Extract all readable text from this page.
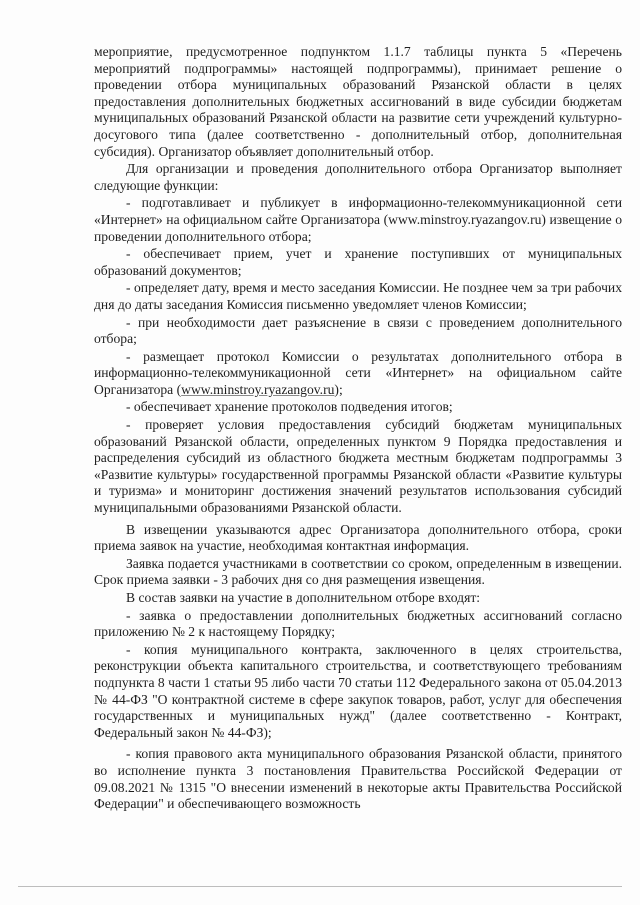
мероприятие, предусмотренное подпунктом 1.1.7 таблицы пункта 5 «Перечень мероприятий подпрограммы» настоящей подпрограммы), принимает решение о проведении отбора муниципальных образований Рязанской области в целях предоставления дополнительных бюджетных ассигнований в виде субсидии бюджетам муниципальных образований Рязанской области на развитие сети учреждений культурно-досугового типа (далее соответственно - дополнительный отбор, дополнительная субсидия). Организатор объявляет дополнительный отбор.

Для организации и проведения дополнительного отбора Организатор выполняет следующие функции:

- подготавливает и публикует в информационно-телекоммуникационной сети «Интернет» на официальном сайте Организатора (www.minstroy.ryazangov.ru) извещение о проведении дополнительного отбора;

- обеспечивает прием, учет и хранение поступивших от муниципальных образований документов;

- определяет дату, время и место заседания Комиссии. Не позднее чем за три рабочих дня до даты заседания Комиссия письменно уведомляет членов Комиссии;

- при необходимости дает разъяснение в связи с проведением дополнительного отбора;

- размещает протокол Комиссии о результатах дополнительного отбора в информационно-телекоммуникационной сети «Интернет» на официальном сайте Организатора (www.minstroy.ryazangov.ru);

- обеспечивает хранение протоколов подведения итогов;

- проверяет условия предоставления субсидий бюджетам муниципальных образований Рязанской области, определенных пунктом 9 Порядка предоставления и распределения субсидий из областного бюджета местным бюджетам подпрограммы 3 «Развитие культуры» государственной программы Рязанской области «Развитие культуры и туризма» и мониторинг достижения значений результатов использования субсидий муниципальными образованиями Рязанской области.

В извещении указываются адрес Организатора дополнительного отбора, сроки приема заявок на участие, необходимая контактная информация.

Заявка подается участниками в соответствии со сроком, определенным в извещении. Срок приема заявки - 3 рабочих дня со дня размещения извещения.

В состав заявки на участие в дополнительном отборе входят:

- заявка о предоставлении дополнительных бюджетных ассигнований согласно приложению № 2 к настоящему Порядку;

- копия муниципального контракта, заключенного в целях строительства, реконструкции объекта капитального строительства, и соответствующего требованиям подпункта 8 части 1 статьи 95 либо части 70 статьи 112 Федерального закона от 05.04.2013 № 44-ФЗ "О контрактной системе в сфере закупок товаров, работ, услуг для обеспечения государственных и муниципальных нужд" (далее соответственно - Контракт, Федеральный закон № 44-ФЗ);

- копия правового акта муниципального образования Рязанской области, принятого во исполнение пункта 3 постановления Правительства Российской Федерации от 09.08.2021 № 1315 "О внесении изменений в некоторые акты Правительства Российской Федерации" и обеспечивающего возможность
